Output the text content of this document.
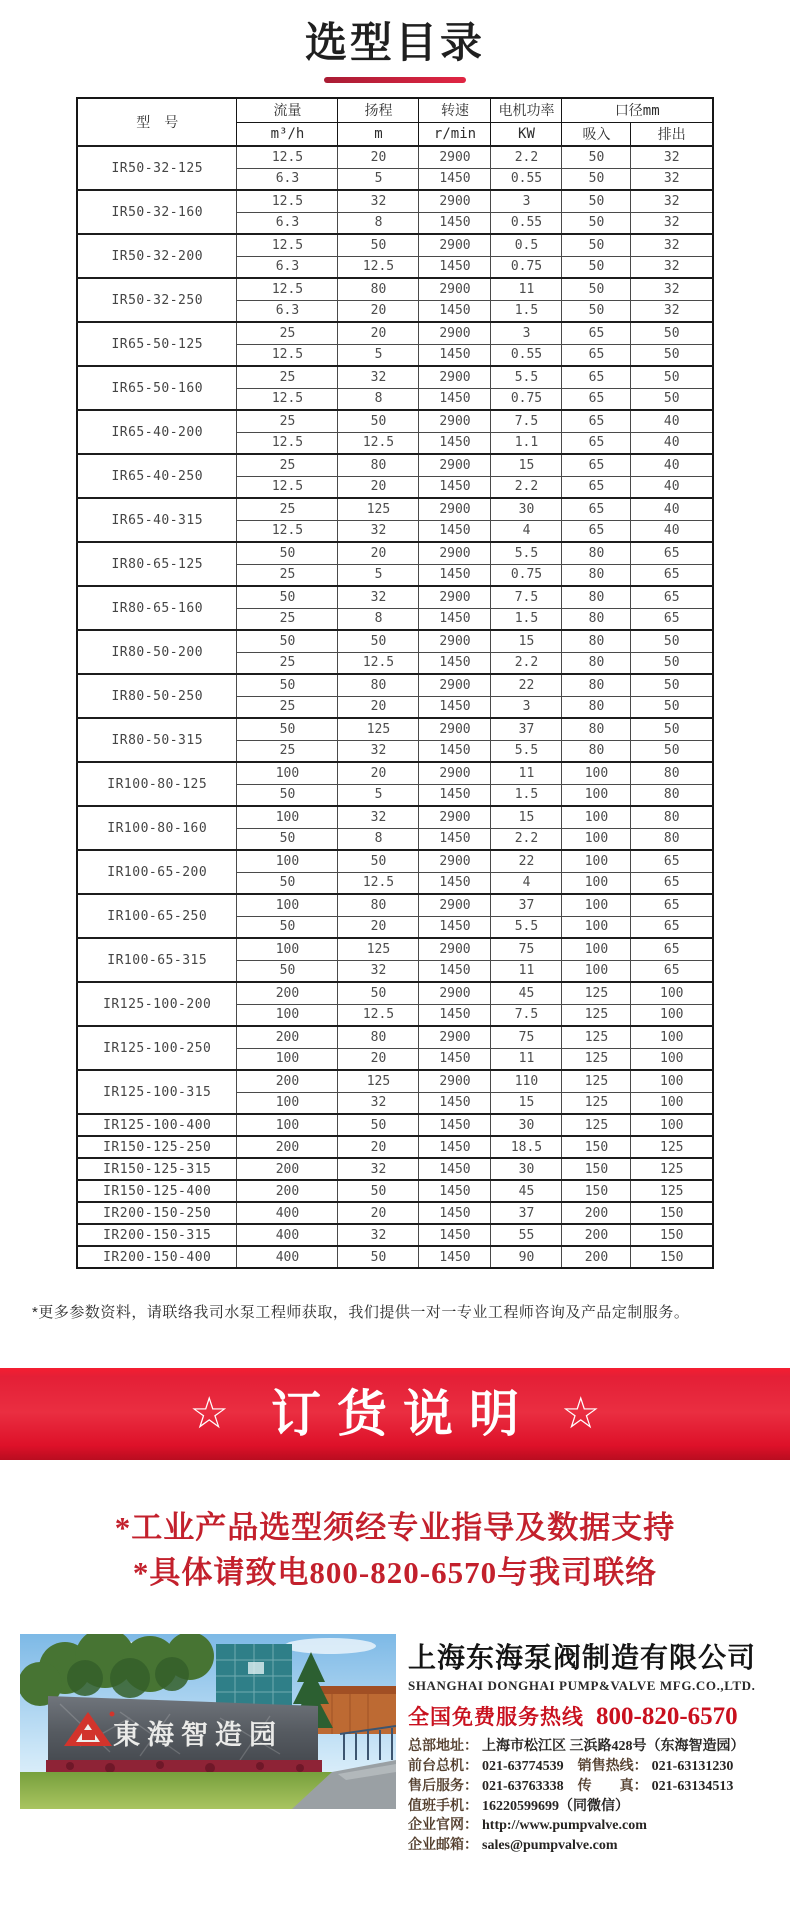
选型目录
型　号	流量	扬程	转速	电机功率	口径mm	
	m³/h	m	r/min	KW	吸入	排出
IR50-32-125	12.5	20	2900	2.2	50	32
	6.3	5	1450	0.55	50	32
IR50-32-160	12.5	32	2900	3	50	32
	6.3	8	1450	0.55	50	32
IR50-32-200	12.5	50	2900	0.5	50	32
	6.3	12.5	1450	0.75	50	32
IR50-32-250	12.5	80	2900	11	50	32
	6.3	20	1450	1.5	50	32
IR65-50-125	25	20	2900	3	65	50
	12.5	5	1450	0.55	65	50
IR65-50-160	25	32	2900	5.5	65	50
	12.5	8	1450	0.75	65	50
IR65-40-200	25	50	2900	7.5	65	40
	12.5	12.5	1450	1.1	65	40
IR65-40-250	25	80	2900	15	65	40
	12.5	20	1450	2.2	65	40
IR65-40-315	25	125	2900	30	65	40
	12.5	32	1450	4	65	40
IR80-65-125	50	20	2900	5.5	80	65
	25	5	1450	0.75	80	65
IR80-65-160	50	32	2900	7.5	80	65
	25	8	1450	1.5	80	65
IR80-50-200	50	50	2900	15	80	50
	25	12.5	1450	2.2	80	50
IR80-50-250	50	80	2900	22	80	50
	25	20	1450	3	80	50
IR80-50-315	50	125	2900	37	80	50
	25	32	1450	5.5	80	50
IR100-80-125	100	20	2900	11	100	80
	50	5	1450	1.5	100	80
IR100-80-160	100	32	2900	15	100	80
	50	8	1450	2.2	100	80
IR100-65-200	100	50	2900	22	100	65
	50	12.5	1450	4	100	65
IR100-65-250	100	80	2900	37	100	65
	50	20	1450	5.5	100	65
IR100-65-315	100	125	2900	75	100	65
	50	32	1450	11	100	65
IR125-100-200	200	50	2900	45	125	100
	100	12.5	1450	7.5	125	100
IR125-100-250	200	80	2900	75	125	100
	100	20	1450	11	125	100
IR125-100-315	200	125	2900	110	125	100
	100	32	1450	15	125	100
IR125-100-400	100	50	1450	30	125	100
IR150-125-250	200	20	1450	18.5	150	125
IR150-125-315	200	32	1450	30	150	125
IR150-125-400	200	50	1450	45	150	125
IR200-150-250	400	20	1450	37	200	150
IR200-150-315	400	32	1450	55	200	150
IR200-150-400	400	50	1450	90	200	150

*更多参数资料，请联络我司水泵工程师获取，我们提供一对一专业工程师咨询及产品定制服务。

☆ 订货说明 ☆

*工业产品选型须经专业指导及数据支持

*具体请致电800-820-6570与我司联络

東海智造园
上海东海泵阀制造有限公司
SHANGHAI DONGHAI PUMP&VALVE MFG.CO.,LTD.
全国免费服务热线 800-820-6570

总部地址： 上海市松江区 三浜路428号（东海智造园）

前台总机： 021-63774539 销售热线： 021-63131230

售后服务： 021-63763338 传　　真： 021-63134513

值班手机： 16220599699（同微信）

企业官网： http://www.pumpvalve.com

企业邮箱： sales@pumpvalve.com
